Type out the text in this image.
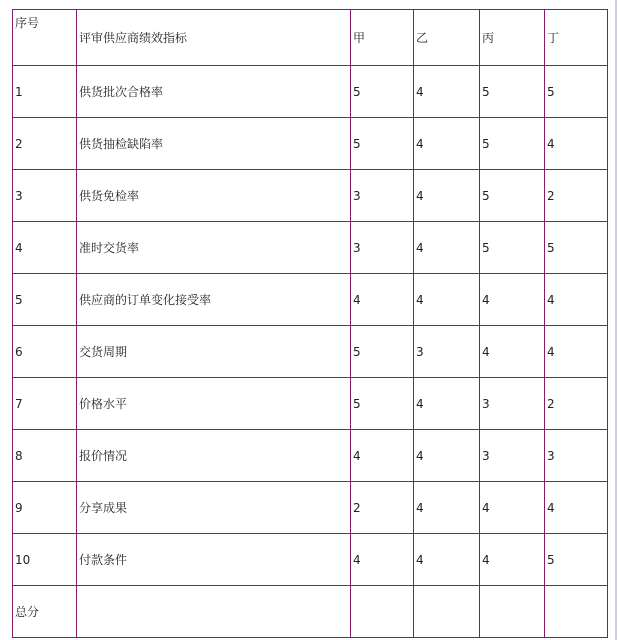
序号	评审供应商绩效指标	甲	乙	丙	丁
1	供货批次合格率	5	4	5	5
2	供货抽检缺陷率	5	4	5	4
3	供货免检率	3	4	5	2
4	准时交货率	3	4	5	5
5	供应商的订单变化接受率	4	4	4	4
6	交货周期	5	3	4	4
7	价格水平	5	4	3	2
8	报价情况	4	4	3	3
9	分享成果	2	4	4	4
10	付款条件	4	4	4	5
总分					
